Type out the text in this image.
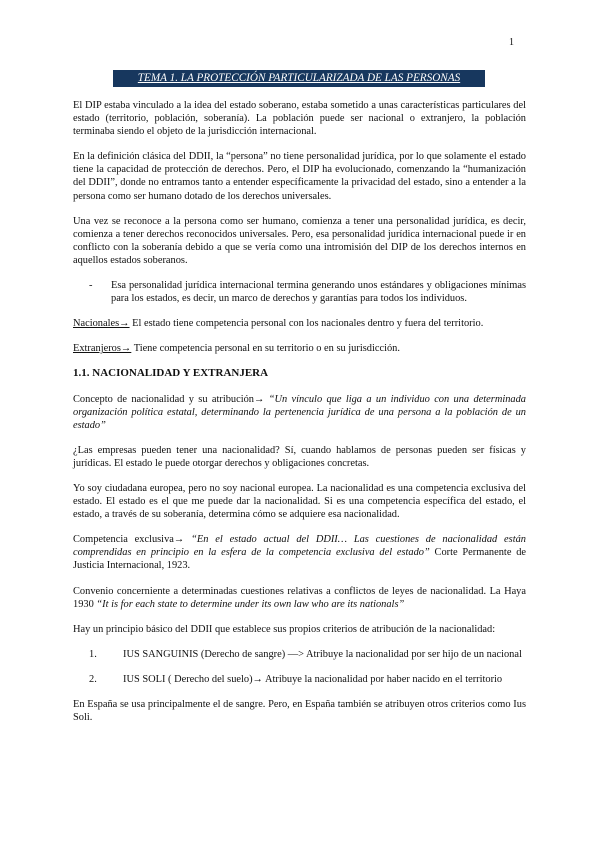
1
TEMA 1. LA PROTECCIÓN PARTICULARIZADA DE LAS PERSONAS

El DIP estaba vinculado a la idea del estado soberano, estaba sometido a unas características particulares del estado (territorio, población, soberanía). La población puede ser nacional o extranjero, la población terminaba siendo el objeto de la jurisdicción internacional.

En la definición clásica del DDII, la “persona” no tiene personalidad jurídica, por lo que solamente el estado tiene la capacidad de protección de derechos. Pero, el DIP ha evolucionado, comenzando la “humanización del DDII”, donde no entramos tanto a entender específicamente la privacidad del estado, sino a entender a la persona como ser humano dotado de los derechos universales.

Una vez se reconoce a la persona como ser humano, comienza a tener una personalidad jurídica, es decir, comienza a tener derechos reconocidos universales. Pero, esa personalidad jurídica internacional puede ir en conflicto con la soberanía debido a que se vería como una intromisión del DIP de los derechos internos en aquellos estados soberanos.

-	Esa personalidad jurídica internacional termina generando unos estándares y obligaciones mínimas para los estados, es decir, un marco de derechos y garantías para todos los individuos.

Nacionales→ El estado tiene competencia personal con los nacionales dentro y fuera del territorio.

Extranjeros→ Tiene competencia personal en su territorio o en su jurisdicción.

1.1. NACIONALIDAD Y EXTRANJERA

Concepto de nacionalidad y su atribución→ “Un vínculo que liga a un individuo con una determinada organización política estatal, determinando la pertenencia jurídica de una persona a la población de un estado”

¿Las empresas pueden tener una nacionalidad? Sí, cuando hablamos de personas pueden ser físicas y jurídicas. El estado le puede otorgar derechos y obligaciones concretas.

Yo soy ciudadana europea, pero no soy nacional europea. La nacionalidad es una competencia exclusiva del estado. El estado es el que me puede dar la nacionalidad. Si es una competencia específica del estado, el estado, a través de su soberanía, determina cómo se adquiere esa nacionalidad.

Competencia exclusiva→ “En el estado actual del DDII… Las cuestiones de nacionalidad están comprendidas en principio en la esfera de la competencia exclusiva del estado” Corte Permanente de Justicia Internacional, 1923.

Convenio concerniente a determinadas cuestiones relativas a conflictos de leyes de nacionalidad. La Haya 1930 “It is for each state to determine under its own law who are its nationals”

Hay un principio básico del DDII que establece sus propios criterios de atribución de la nacionalidad:

1.	IUS SANGUINIS (Derecho de sangre) —> Atribuye la nacionalidad por ser hijo de un nacional
2.	IUS SOLI ( Derecho del suelo)→ Atribuye la nacionalidad por haber nacido en el territorio

En España se usa principalmente el de sangre. Pero, en España también se atribuyen otros criterios como Ius Soli.
